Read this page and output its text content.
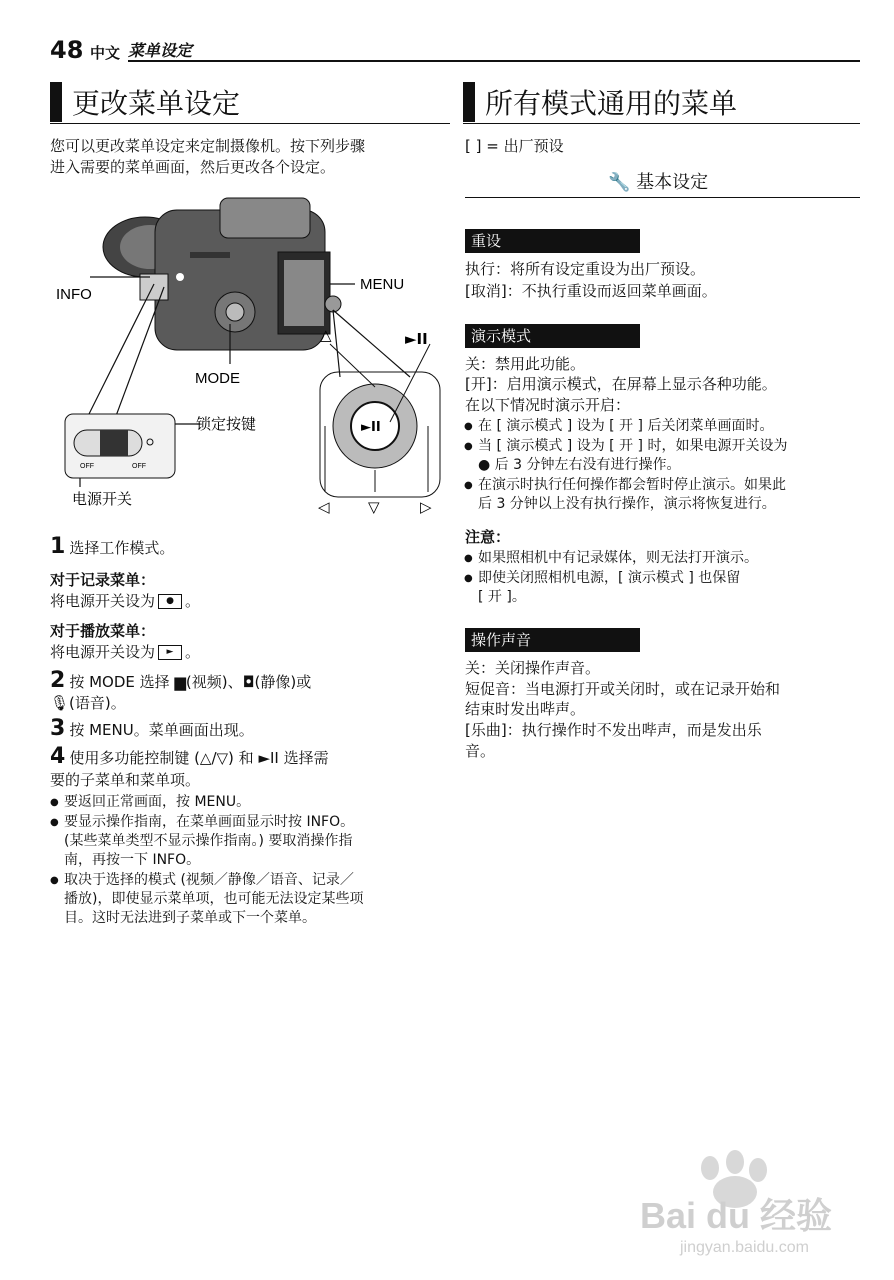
48 中文 菜单设定
更改菜单设定
您可以更改菜单设定来定制摄像机。按下列步骤
进入需要的菜单画面，然后更改各个设定。
INFO
MENU
MODE
锁定按键
电源开关
△	►II
►II
◁	▽	▷
OFF	OFF
1 选择工作模式。
对于记录菜单：
将电源开关设为 ● 。
对于播放菜单：
将电源开关设为 ► 。
2 按 MODE 选择 ▆(视频)、◘(静像)或
🎙(语音)。
3 按 MENU。菜单画面出现。
4 使用多功能控制键 (△/▽) 和 ►II 选择需
要的子菜单和菜单项。
● 要返回正常画面，按 MENU。
● 要显示操作指南，在菜单画面显示时按 INFO。
(某些菜单类型不显示操作指南。) 要取消操作指
南，再按一下 INFO。
● 取决于选择的模式 (视频／静像／语音、记录／
播放)，即使显示菜单项，也可能无法设定某些项
目。这时无法进到子菜单或下一个菜单。
所有模式通用的菜单
[ ] = 出厂预设
🔧 基本设定
重设
执行：将所有设定重设为出厂预设。
[取消]：不执行重设而返回菜单画面。
演示模式
关：禁用此功能。
[开]：启用演示模式，在屏幕上显示各种功能。
在以下情况时演示开启：
● 在 [ 演示模式 ] 设为 [ 开 ] 后关闭菜单画面时。
● 当 [ 演示模式 ] 设为 [ 开 ] 时，如果电源开关设为
● 后 3 分钟左右没有进行操作。
● 在演示时执行任何操作都会暂时停止演示。如果此
后 3 分钟以上没有执行操作，演示将恢复进行。
注意：
● 如果照相机中有记录媒体，则无法打开演示。
● 即使关闭照相机电源，[ 演示模式 ] 也保留
[ 开 ]。
操作声音
关：关闭操作声音。
短促音：当电源打开或关闭时，或在记录开始和
结束时发出哔声。
[乐曲]：执行操作时不发出哔声，而是发出乐
音。
Bai du 经验
jingyan.baidu.com
